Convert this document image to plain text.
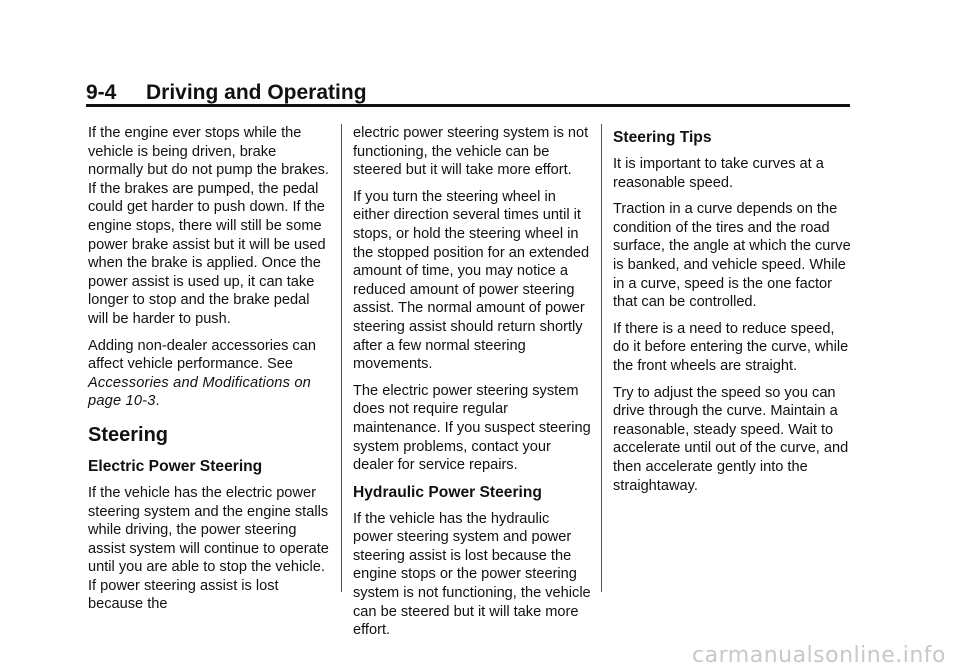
9-4 Driving and Operating

If the engine ever stops while the vehicle is being driven, brake normally but do not pump the brakes. If the brakes are pumped, the pedal could get harder to push down. If the engine stops, there will still be some power brake assist but it will be used when the brake is applied. Once the power assist is used up, it can take longer to stop and the brake pedal will be harder to push.

Adding non-dealer accessories can affect vehicle performance. See Accessories and Modifications on page 10‑3.

Steering
Electric Power Steering

If the vehicle has the electric power steering system and the engine stalls while driving, the power steering assist system will continue to operate until you are able to stop the vehicle. If power steering assist is lost because the

electric power steering system is not functioning, the vehicle can be steered but it will take more effort.

If you turn the steering wheel in either direction several times until it stops, or hold the steering wheel in the stopped position for an extended amount of time, you may notice a reduced amount of power steering assist. The normal amount of power steering assist should return shortly after a few normal steering movements.

The electric power steering system does not require regular maintenance. If you suspect steering system problems, contact your dealer for service repairs.

Hydraulic Power Steering

If the vehicle has the hydraulic power steering system and power steering assist is lost because the engine stops or the power steering system is not functioning, the vehicle can be steered but it will take more effort.

Steering Tips

It is important to take curves at a reasonable speed.

Traction in a curve depends on the condition of the tires and the road surface, the angle at which the curve is banked, and vehicle speed. While in a curve, speed is the one factor that can be controlled.

If there is a need to reduce speed, do it before entering the curve, while the front wheels are straight.

Try to adjust the speed so you can drive through the curve. Maintain a reasonable, steady speed. Wait to accelerate until out of the curve, and then accelerate gently into the straightaway.

carmanualsonline.info
